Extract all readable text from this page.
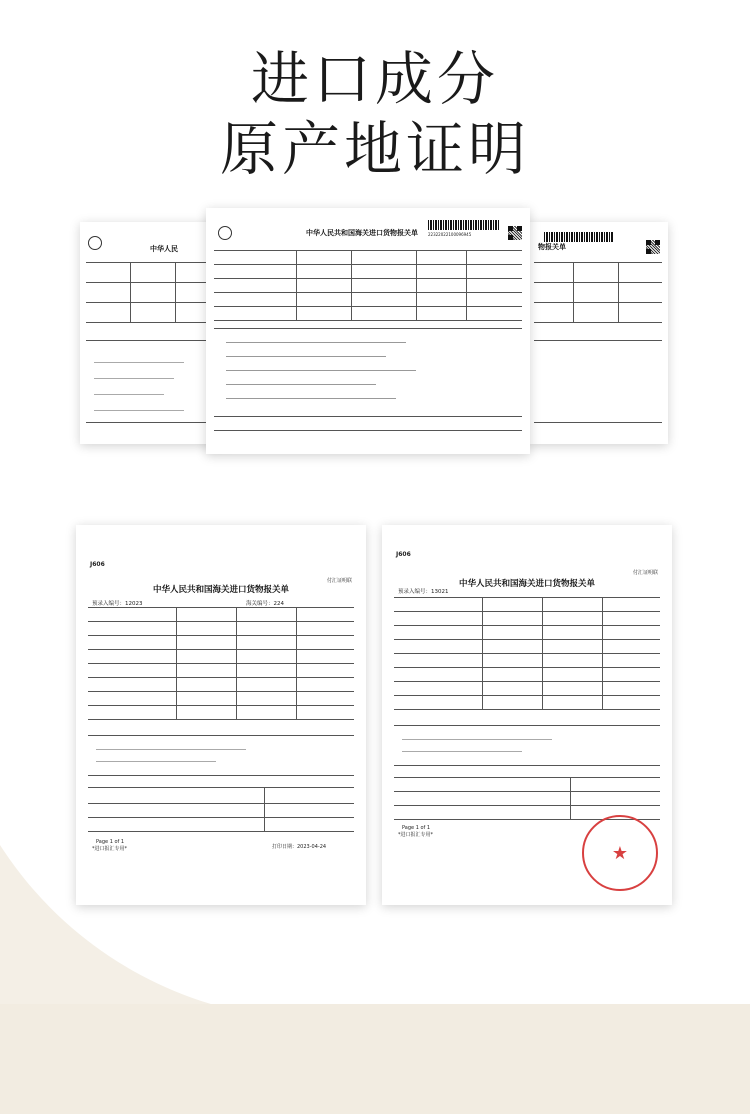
进口成分
原产地证明
中华人民	物报关单
中华人民共和国海关进口货物报关单	22322022100096945
J606
中华人民共和国海关进口货物报关单
付汇证明联
预录入编号：12023	海关编号：224
Page 1 of 1
打印日期：2023-04-24
*进口报汇专用*
J606
中华人民共和国海关进口货物报关单
付汇证明联
预录入编号：13021
Page 1 of 1
*进口报汇专用*
★
